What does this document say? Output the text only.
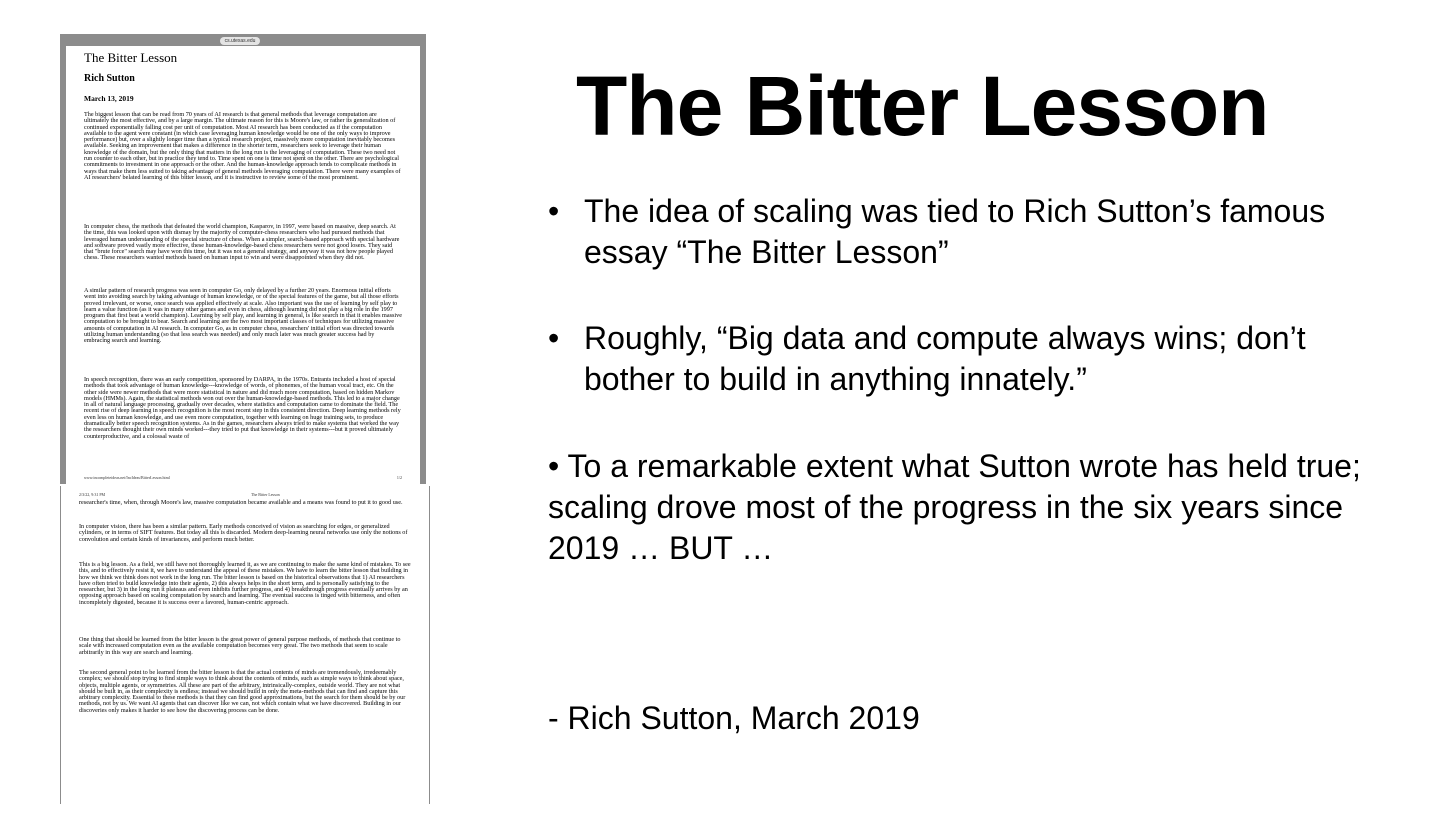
cs.utexas.edu
The Bitter Lesson
Rich Sutton

March 13, 2019

The biggest lesson that can be read from 70 years of AI research is that general methods that leverage computation are ultimately the most effective, and by a large margin. The ultimate reason for this is Moore's law, or rather its generalization of continued exponentially falling cost per unit of computation. Most AI research has been conducted as if the computation available to the agent were constant (in which case leveraging human knowledge would be one of the only ways to improve performance) but, over a slightly longer time than a typical research project, massively more computation inevitably becomes available. Seeking an improvement that makes a difference in the shorter term, researchers seek to leverage their human knowledge of the domain, but the only thing that matters in the long run is the leveraging of computation. These two need not run counter to each other, but in practice they tend to. Time spent on one is time not spent on the other. There are psychological commitments to investment in one approach or the other. And the human-knowledge approach tends to complicate methods in ways that make them less suited to taking advantage of general methods leveraging computation. There were many examples of AI researchers' belated learning of this bitter lesson, and it is instructive to review some of the most prominent.

In computer chess, the methods that defeated the world champion, Kasparov, in 1997, were based on massive, deep search. At the time, this was looked upon with dismay by the majority of computer-chess researchers who had pursued methods that leveraged human understanding of the special structure of chess. When a simpler, search-based approach with special hardware and software proved vastly more effective, these human-knowledge-based chess researchers were not good losers. They said that "brute force" search may have won this time, but it was not a general strategy, and anyway it was not how people played chess. These researchers wanted methods based on human input to win and were disappointed when they did not.

A similar pattern of research progress was seen in computer Go, only delayed by a further 20 years. Enormous initial efforts went into avoiding search by taking advantage of human knowledge, or of the special features of the game, but all those efforts proved irrelevant, or worse, once search was applied effectively at scale. Also important was the use of learning by self play to learn a value function (as it was in many other games and even in chess, although learning did not play a big role in the 1997 program that first beat a world champion). Learning by self play, and learning in general, is like search in that it enables massive computation to be brought to bear. Search and learning are the two most important classes of techniques for utilizing massive amounts of computation in AI research. In computer Go, as in computer chess, researchers' initial effort was directed towards utilizing human understanding (so that less search was needed) and only much later was much greater success had by embracing search and learning.

In speech recognition, there was an early competition, sponsored by DARPA, in the 1970s. Entrants included a host of special methods that took advantage of human knowledge---knowledge of words, of phonemes, of the human vocal tract, etc. On the other side were newer methods that were more statistical in nature and did much more computation, based on hidden Markov models (HMMs). Again, the statistical methods won out over the human-knowledge-based methods. This led to a major change in all of natural language processing, gradually over decades, where statistics and computation came to dominate the field. The recent rise of deep learning in speech recognition is the most recent step in this consistent direction. Deep learning methods rely even less on human knowledge, and use even more computation, together with learning on huge training sets, to produce dramatically better speech recognition systems. As in the games, researchers always tried to make systems that worked the way the researchers thought their own minds worked---they tried to put that knowledge in their systems---but it proved ultimately counterproductive, and a colossal waste of

www.incompleteideas.net/IncIdeas/BitterLesson.html	1/2
2/3/22, 9:31 PM	The Bitter Lesson

researcher's time, when, through Moore's law, massive computation became available and a means was found to put it to good use.

In computer vision, there has been a similar pattern. Early methods conceived of vision as searching for edges, or generalized cylinders, or in terms of SIFT features. But today all this is discarded. Modern deep-learning neural networks use only the notions of convolution and certain kinds of invariances, and perform much better.

This is a big lesson. As a field, we still have not thoroughly learned it, as we are continuing to make the same kind of mistakes. To see this, and to effectively resist it, we have to understand the appeal of these mistakes. We have to learn the bitter lesson that building in how we think we think does not work in the long run. The bitter lesson is based on the historical observations that 1) AI researchers have often tried to build knowledge into their agents, 2) this always helps in the short term, and is personally satisfying to the researcher, but 3) in the long run it plateaus and even inhibits further progress, and 4) breakthrough progress eventually arrives by an opposing approach based on scaling computation by search and learning. The eventual success is tinged with bitterness, and often incompletely digested, because it is success over a favored, human-centric approach.

One thing that should be learned from the bitter lesson is the great power of general purpose methods, of methods that continue to scale with increased computation even as the available computation becomes very great. The two methods that seem to scale arbitrarily in this way are search and learning.

The second general point to be learned from the bitter lesson is that the actual contents of minds are tremendously, irredeemably complex; we should stop trying to find simple ways to think about the contents of minds, such as simple ways to think about space, objects, multiple agents, or symmetries. All these are part of the arbitrary, intrinsically-complex, outside world. They are not what should be built in, as their complexity is endless; instead we should build in only the meta-methods that can find and capture this arbitrary complexity. Essential to these methods is that they can find good approximations, but the search for them should be by our methods, not by us. We want AI agents that can discover like we can, not which contain what we have discovered. Building in our discoveries only makes it harder to see how the discovering process can be done.

The Bitter Lesson

• The idea of scaling was tied to Rich Sutton’s famous essay “The Bitter Lesson”

• Roughly, “Big data and compute always wins; don’t bother to build in anything innately.”

• To a remarkable extent what Sutton wrote has held true; scaling drove most of the progress in the six years since 2019 … BUT …

- Rich Sutton, March 2019
